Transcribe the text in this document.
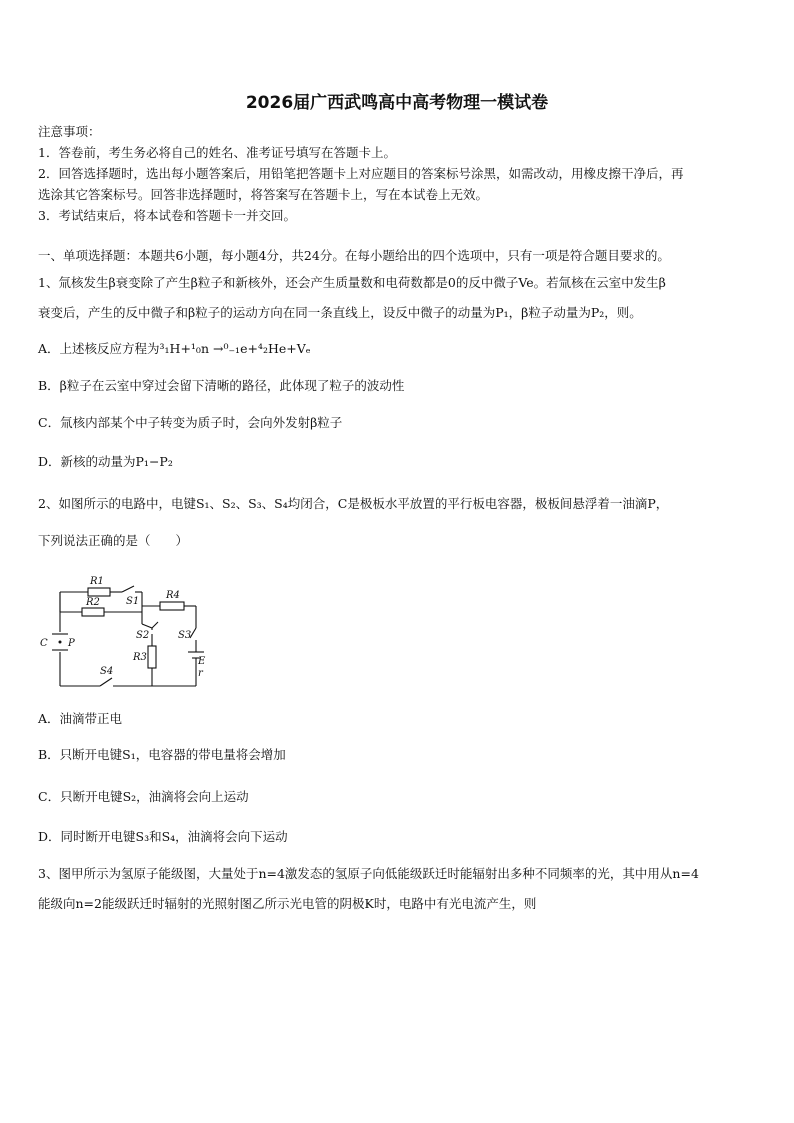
2026届广西武鸣高中高考物理一模试卷
注意事项：
1．答卷前，考生务必将自己的姓名、准考证号填写在答题卡上。
2．回答选择题时，选出每小题答案后，用铅笔把答题卡上对应题目的答案标号涂黑，如需改动，用橡皮擦干净后，再
选涂其它答案标号。回答非选择题时，将答案写在答题卡上，写在本试卷上无效。
3．考试结束后，将本试卷和答题卡一并交回。
一、单项选择题：本题共6小题，每小题4分，共24分。在每小题给出的四个选项中，只有一项是符合题目要求的。
1、氚核发生β衰变除了产生β粒子和新核外，还会产生质量数和电荷数都是0的反中微子Ve。若氚核在云室中发生β
衰变后，产生的反中微子和β粒子的运动方向在同一条直线上，设反中微子的动量为P₁，β粒子动量为P₂，则。
A．上述核反应方程为³₁H+¹₀n →⁰₋₁e+⁴₂He+Vₑ
B．β粒子在云室中穿过会留下清晰的路径，此体现了粒子的波动性
C．氚核内部某个中子转变为质子时，会向外发射β粒子
D．新核的动量为P₁−P₂
2、如图所示的电路中，电键S₁、S₂、S₃、S₄均闭合，C是极板水平放置的平行板电容器，极板间悬浮着一油滴P，
下列说法正确的是（　　）
R1
R2	S1
R4
S2	S3
R3	E
r
C P
S4
A．油滴带正电
B．只断开电键S₁，电容器的带电量将会增加
C．只断开电键S₂，油滴将会向上运动
D．同时断开电键S₃和S₄，油滴将会向下运动
3、图甲所示为氢原子能级图，大量处于n=4激发态的氢原子向低能级跃迁时能辐射出多种不同频率的光，其中用从n=4
能级向n=2能级跃迁时辐射的光照射图乙所示光电管的阴极K时，电路中有光电流产生，则
